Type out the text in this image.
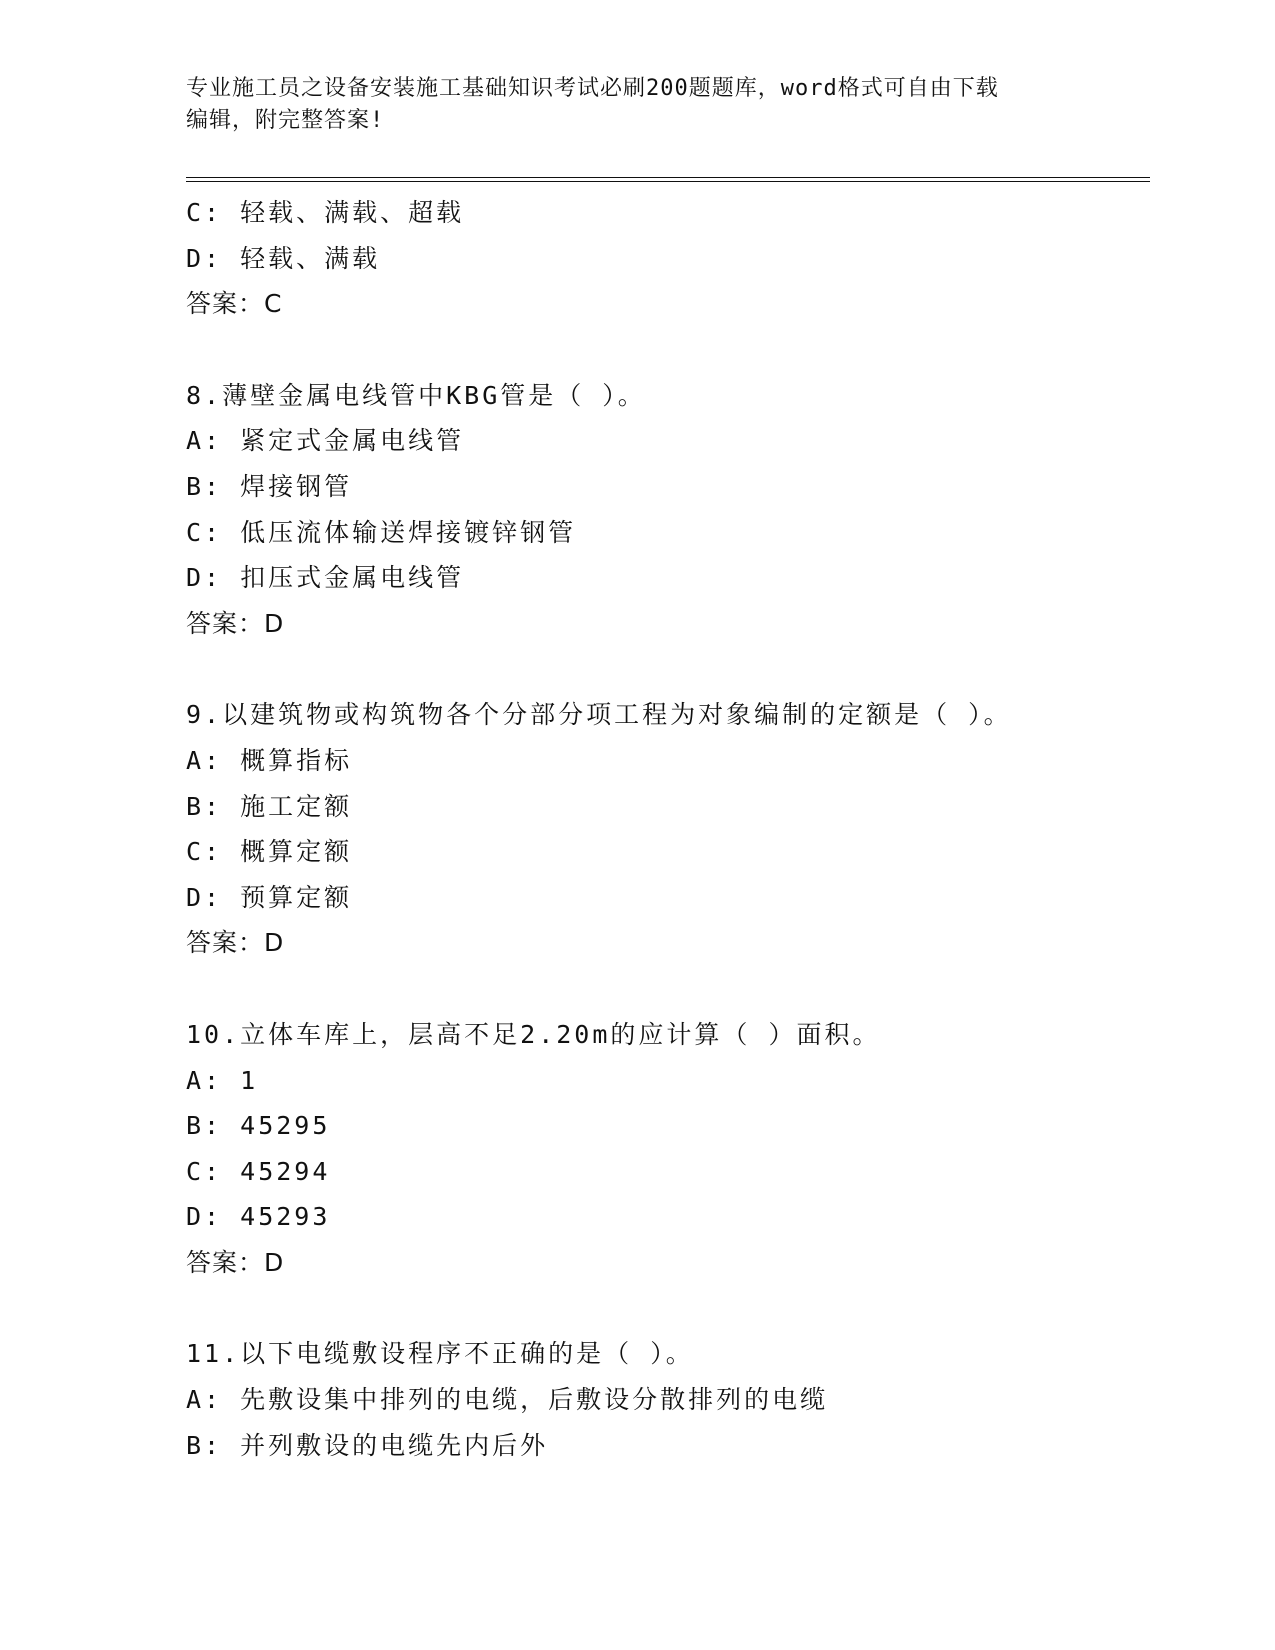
专业施工员之设备安装施工基础知识考试必刷200题题库，word格式可自由下载
编辑，附完整答案!
C: 轻载、满载、超载
D: 轻载、满载
答案：C
8.薄壁金属电线管中KBG管是（ ）。
A: 紧定式金属电线管
B: 焊接钢管
C: 低压流体输送焊接镀锌钢管
D: 扣压式金属电线管
答案：D
9.以建筑物或构筑物各个分部分项工程为对象编制的定额是（ ）。
A: 概算指标
B: 施工定额
C: 概算定额
D: 预算定额
答案：D
10.立体车库上，层高不足2.20m的应计算（ ）面积。
A: 1
B: 45295
C: 45294
D: 45293
答案：D
11.以下电缆敷设程序不正确的是（ ）。
A: 先敷设集中排列的电缆，后敷设分散排列的电缆
B: 并列敷设的电缆先内后外
